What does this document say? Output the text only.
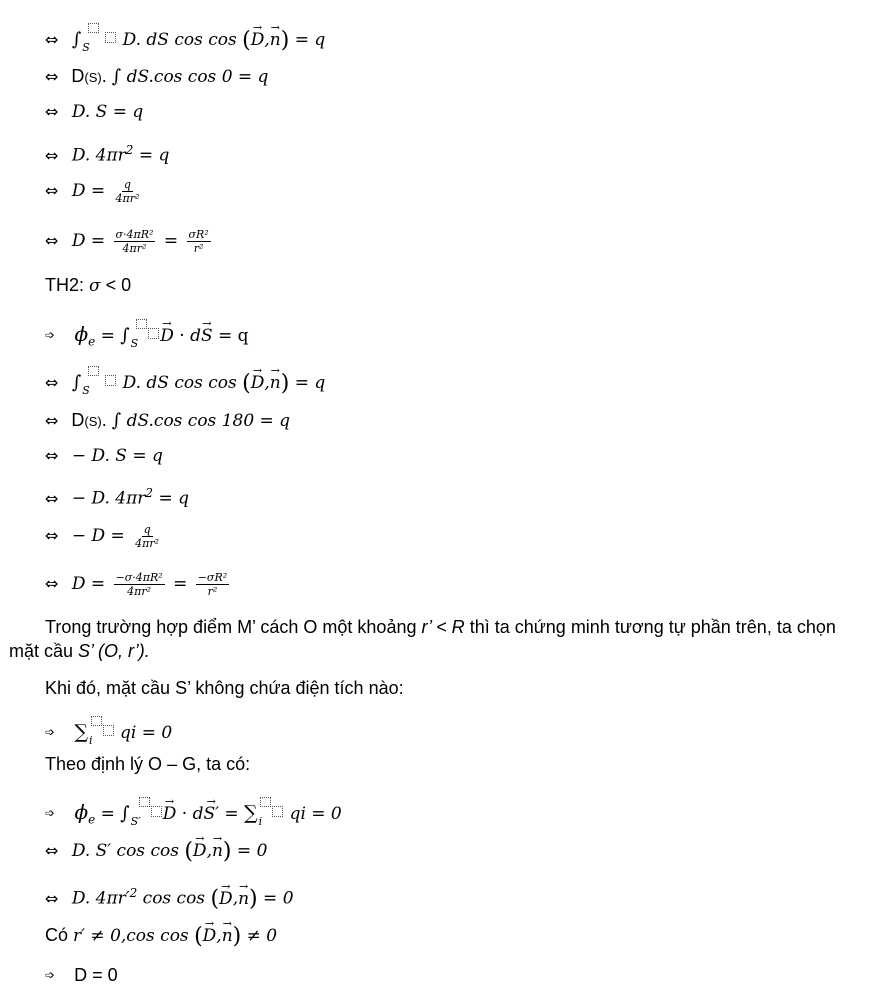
⇔ $\int_S$ D. dS cos cos (→ D,→ n) = q
⇔ D(S). ∫ dS.cos cos 0 = q
⇔ D. S = q
⇔ D. $4\pi r^2 = q$
⇔ $D = \frac{q}{\text{4πr²}}$
⇔ $D = \frac{\text{σ·4πR²}}{\text{4πr²}} = \frac{\text{σR²}}{\text{r²}}$
TH2: σ < 0
➩ $\phi_e = \int_S \to D \cdot d\to S = q$
⇔ $\int_S$ D. dS cos cos (→ D,→ n) = q
⇔ D(S). ∫ dS.cos cos 180 = q
⇔ − D. S = q
⇔ − D. $4\pi r^2 = q$
⇔ − $D = \frac{q}{\text{4πr²}}$
⇔ $D = \frac{\text{−σ·4πR²}}{\text{4πr²}} = \frac{\text{−σR²}}{\text{r²}}$
Trong trường hợp điểm M’ cách O một khoảng r’ < R thì ta chứng minh tương tự phần trên, ta chọn mặt cầu S’ (O, r’).
Khi đó, mặt cầu S’ không chứa điện tích nào:
➩ $\sum_i$ qi = 0
Theo định lý O – G, ta có:
➩ $\phi_e = \int_{S'} \to D \cdot d\to S' = \sum_i$ qi = 0
⇔ D. S′ cos cos (→ D,→ n) = 0
⇔ D. $4\pi r'^2$ cos cos (→ D,→ n) = 0
Có r′ ≠ 0,cos cos (→ D,→ n) ≠ 0
➩ D = 0
